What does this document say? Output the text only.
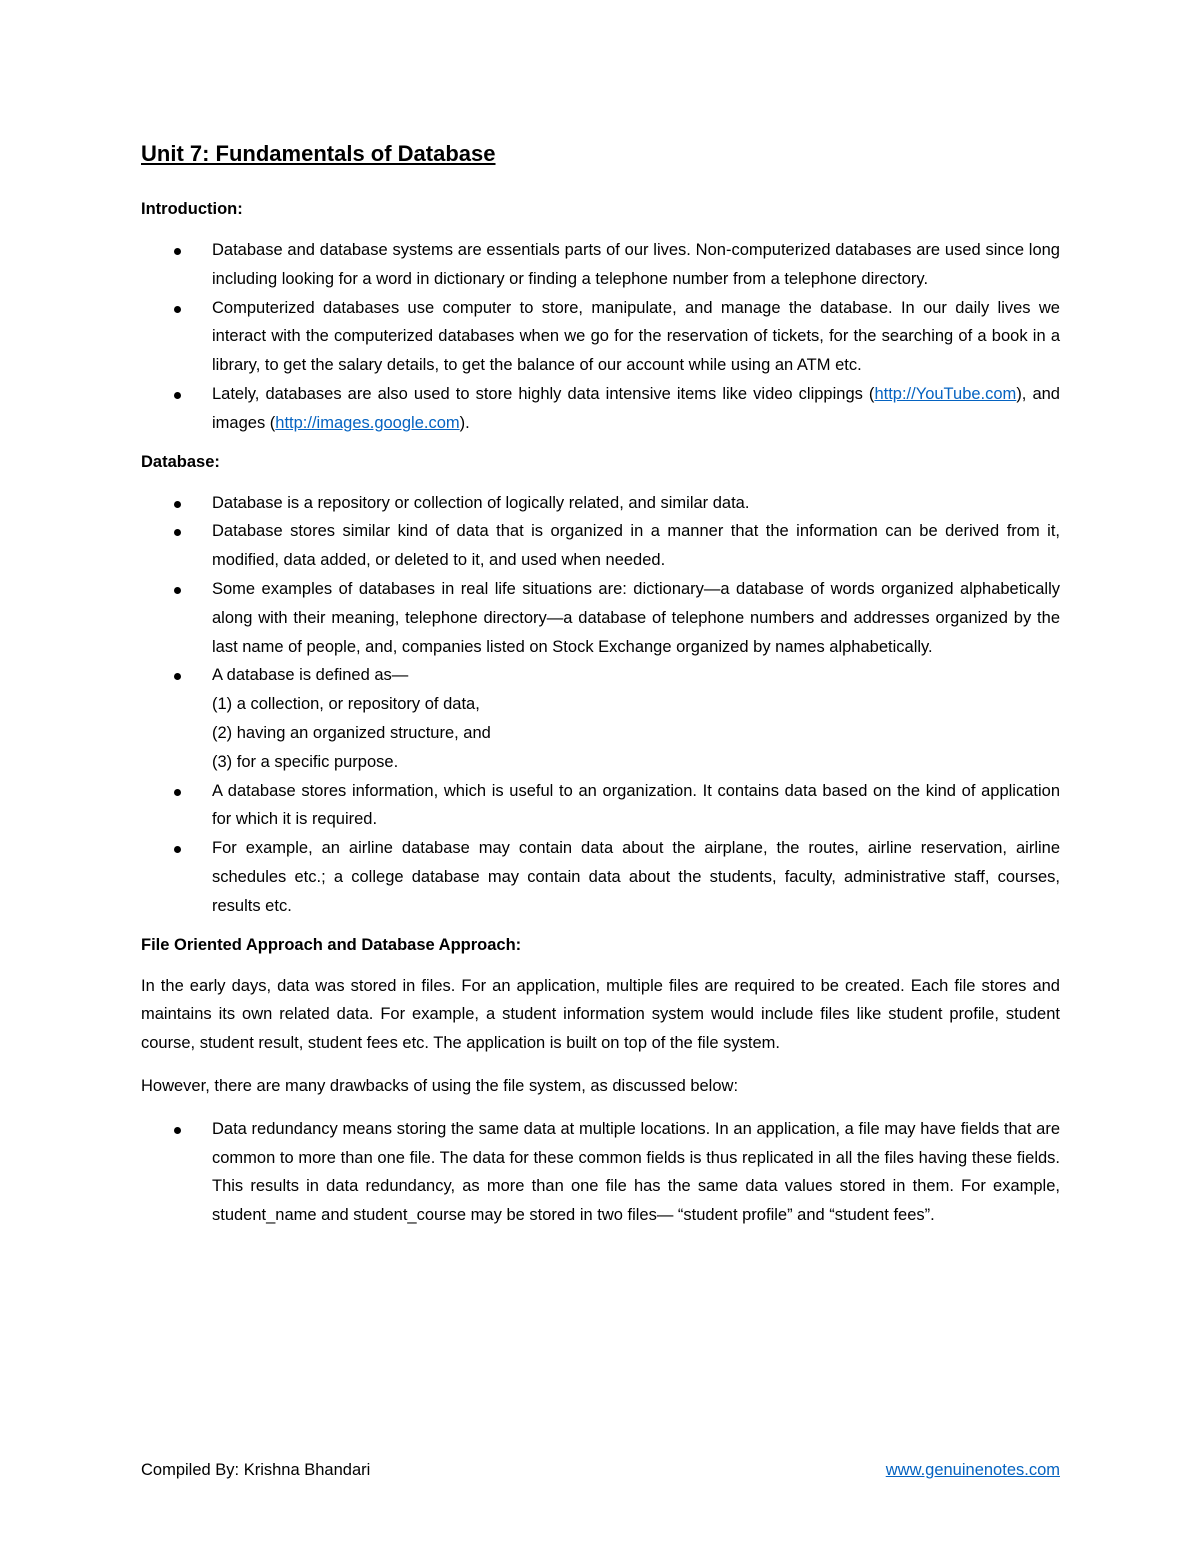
Unit 7: Fundamentals of Database
Introduction:
Database and database systems are essentials parts of our lives. Non-computerized databases are used since long including looking for a word in dictionary or finding a telephone number from a telephone directory.
Computerized databases use computer to store, manipulate, and manage the database. In our daily lives we interact with the computerized databases when we go for the reservation of tickets, for the searching of a book in a library, to get the salary details, to get the balance of our account while using an ATM etc.
Lately, databases are also used to store highly data intensive items like video clippings (http://YouTube.com), and images (http://images.google.com).
Database:
Database is a repository or collection of logically related, and similar data.
Database stores similar kind of data that is organized in a manner that the information can be derived from it, modified, data added, or deleted to it, and used when needed.
Some examples of databases in real life situations are: dictionary—a database of words organized alphabetically along with their meaning, telephone directory—a database of telephone numbers and addresses organized by the last name of people, and, companies listed on Stock Exchange organized by names alphabetically.
A database is defined as—
(1) a collection, or repository of data,
(2) having an organized structure, and
(3) for a specific purpose.
A database stores information, which is useful to an organization. It contains data based on the kind of application for which it is required.
For example, an airline database may contain data about the airplane, the routes, airline reservation, airline schedules etc.; a college database may contain data about the students, faculty, administrative staff, courses, results etc.
File Oriented Approach and Database Approach:

In the early days, data was stored in files. For an application, multiple files are required to be created. Each file stores and maintains its own related data. For example, a student information system would include files like student profile, student course, student result, student fees etc. The application is built on top of the file system.

However, there are many drawbacks of using the file system, as discussed below:

Data redundancy means storing the same data at multiple locations. In an application, a file may have fields that are common to more than one file. The data for these common fields is thus replicated in all the files having these fields. This results in data redundancy, as more than one file has the same data values stored in them. For example, student_name and student_course may be stored in two files— “student profile” and “student fees”.
Compiled By: Krishna Bhandari	www.genuinenotes.com
